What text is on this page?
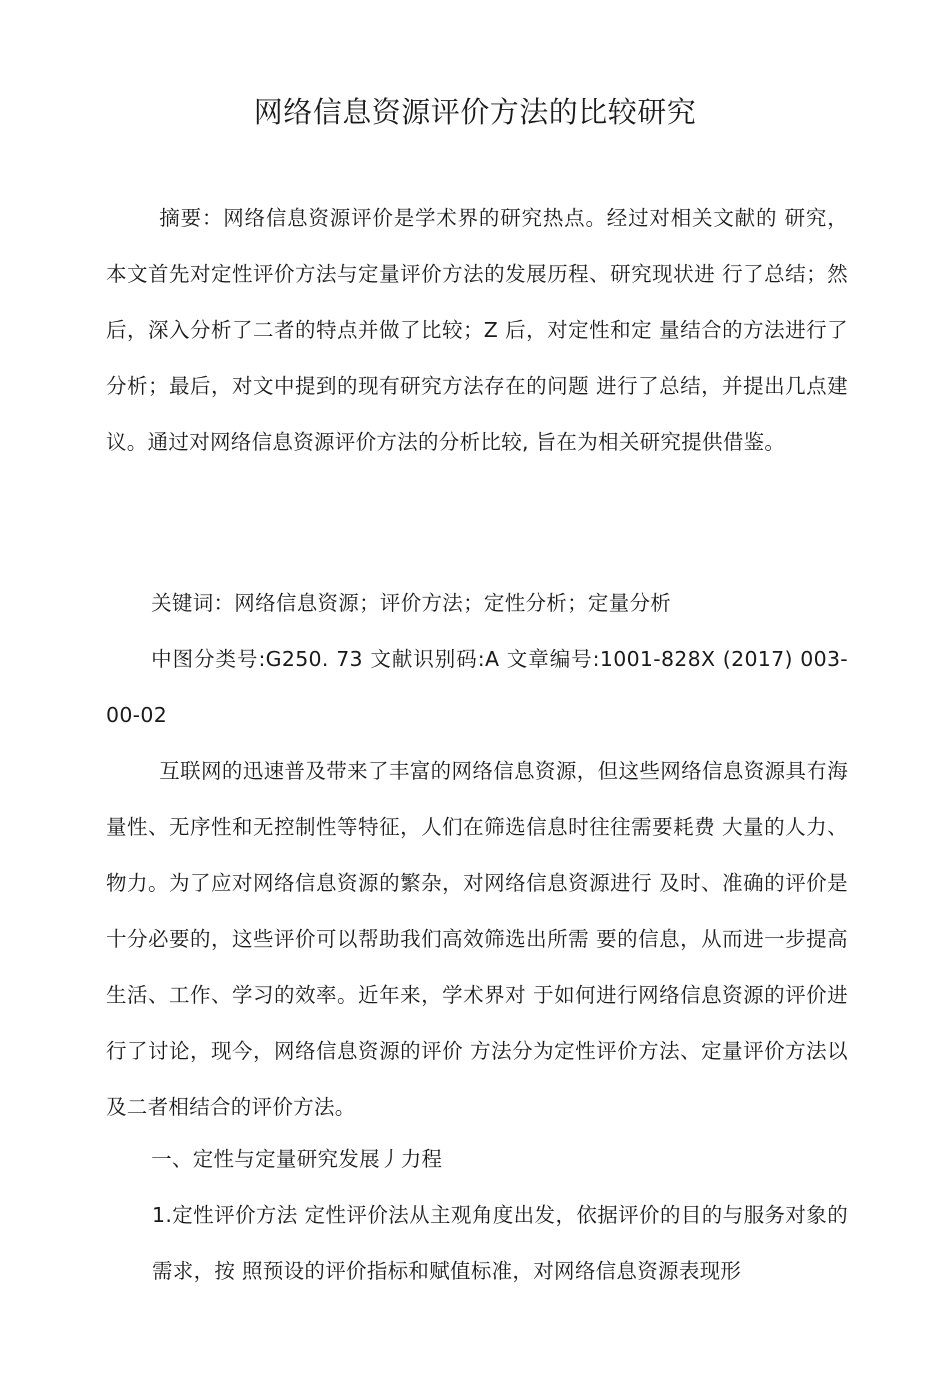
网络信息资源评价方法的比较研究

摘要：网络信息资源评价是学术界的研究热点。经过对相关文献的 研究，本文首先对定性评价方法与定量评价方法的发展历程、研究现状进 行了总结；然后，深入分析了二者的特点并做了比较；Z 后，对定性和定 量结合的方法进行了分析；最后，对文中提到的现有研究方法存在的问题 进行了总结，并提出几点建议。通过对网络信息资源评价方法的分析比较, 旨在为相关研究提供借鉴。

关键词：网络信息资源；评价方法；定性分析；定量分析

中图分类号:G250. 73 文献识别码:A 文章编号:1001-828X (2017) 003-00-02

互联网的迅速普及带来了丰富的网络信息资源，但这些网络信息资源具冇海量性、无序性和无控制性等特征，人们在筛选信息时往往需要耗费 大量的人力、物力。为了应对网络信息资源的繁杂，对网络信息资源进行 及时、准确的评价是十分必要的，这些评价可以帮助我们高效筛选出所需 要的信息，从而进一步提高生活、工作、学习的效率。近年来，学术界对 于如何进行网络信息资源的评价进行了讨论，现今，网络信息资源的评价 方法分为定性评价方法、定量评价方法以及二者相结合的评价方法。

一、定性与定量研究发展丿力程

1.定性评价方法 定性评价法从主观角度出发，依据评价的目的与服务对象的需求，按 照预设的评价指标和赋值标准，对网络信息资源表现形
